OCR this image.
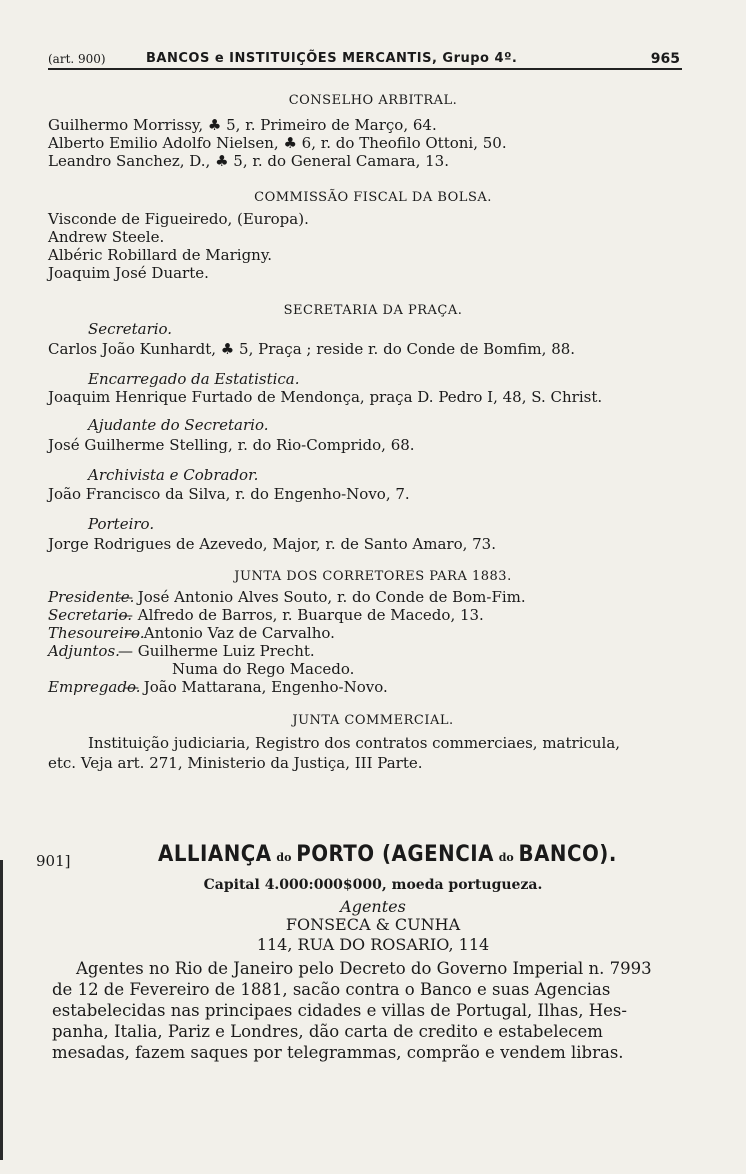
(art. 900)	BANCOS e INSTITUIÇÕES MERCANTIS, Grupo 4º.	965
CONSELHO ARBITRAL.
Guilhermo Morrissy, ♣ 5, r. Primeiro de Março, 64.
Alberto Emilio Adolfo Nielsen, ♣ 6, r. do Theofilo Ottoni, 50.
Leandro Sanchez, D., ♣ 5, r. do General Camara, 13.
COMMISSÃO FISCAL DA BOLSA.
Visconde de Figueiredo, (Europa).
Andrew Steele.
Albéric Robillard de Marigny.
Joaquim José Duarte.
SECRETARIA DA PRAÇA.
Secretario.
Carlos João Kunhardt, ♣ 5, Praça ; reside r. do Conde de Bomfim, 88.
Encarregado da Estatistica.
Joaquim Henrique Furtado de Mendonça, praça D. Pedro I, 48, S. Christ.
Ajudante do Secretario.
José Guilherme Stelling, r. do Rio-Comprido, 68.
Archivista e Cobrador.
João Francisco da Silva, r. do Engenho-Novo, 7.
Porteiro.
Jorge Rodrigues de Azevedo, Major, r. de Santo Amaro, 73.
JUNTA DOS CORRETORES PARA 1883.
Presidente.— José Antonio Alves Souto, r. do Conde de Bom-Fim.
Secretario.— Alfredo de Barros, r. Buarque de Macedo, 13.
Thesoureiro.— Antonio Vaz de Carvalho.
Adjuntos.— Guilherme Luiz Precht.
Numa do Rego Macedo.
Empregado.— João Mattarana, Engenho-Novo.
JUNTA COMMERCIAL.
Instituição judiciaria, Registro dos contratos commerciaes, matricula,
etc. Veja art. 271, Ministerio da Justiça, III Parte.
901]	ALLIANÇA do PORTO (AGENCIA do BANCO).
Capital 4.000:000$000, moeda portugueza.
Agentes
FONSECA & CUNHA
114, RUA DO ROSARIO, 114
Agentes no Rio de Janeiro pelo Decreto do Governo Imperial n. 7993
de 12 de Fevereiro de 1881, sacão contra o Banco e suas Agencias
estabelecidas nas principaes cidades e villas de Portugal, Ilhas, Hes-
panha, Italia, Pariz e Londres, dão carta de credito e estabelecem
mesadas, fazem saques por telegrammas, comprão e vendem libras.
